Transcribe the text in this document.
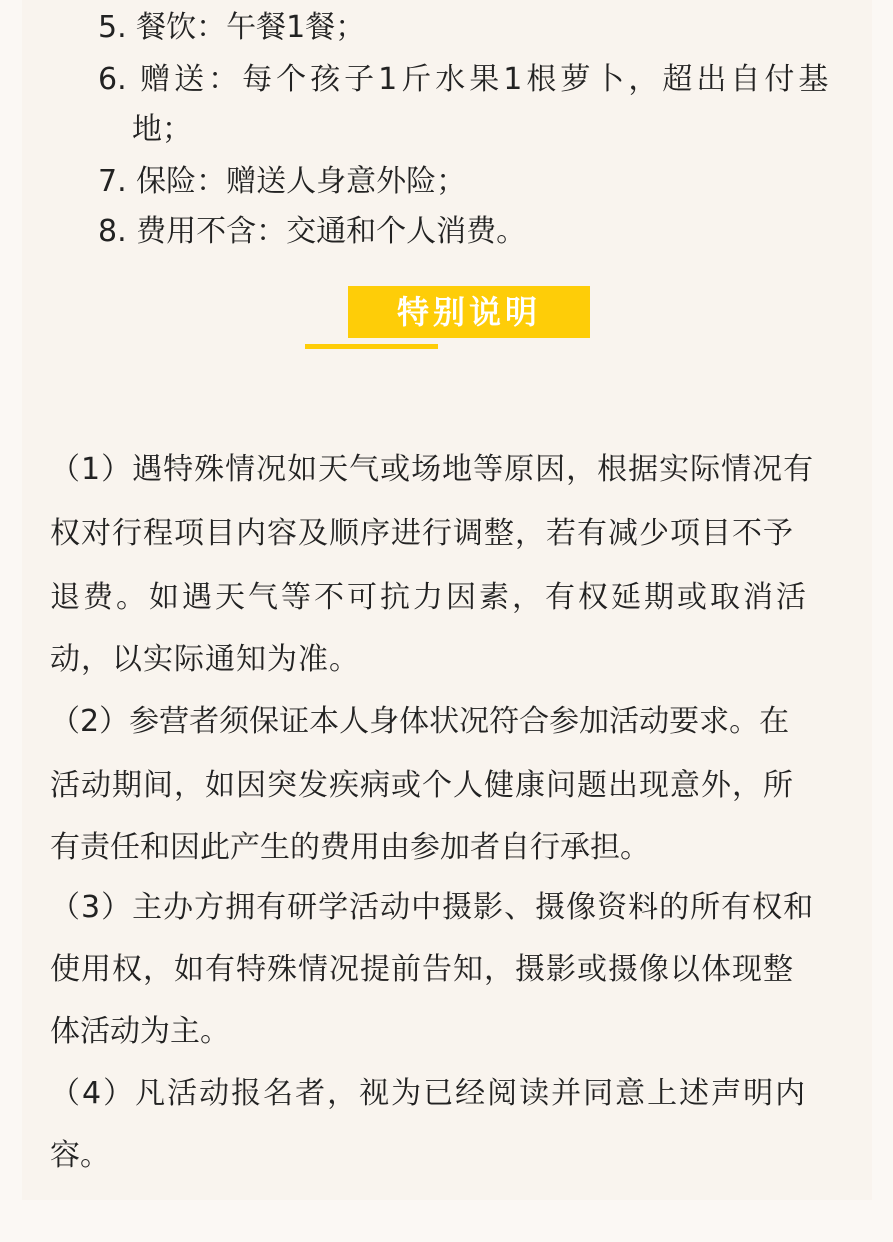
5. 餐饮：午餐1餐；
6. 赠送：每个孩子1斤水果1根萝卜，超出自付基
地；
7. 保险：赠送人身意外险；
8. 费用不含：交通和个人消费。
特别说明
（1）遇特殊情况如天气或场地等原因，根据实际情况有
权对行程项目内容及顺序进行调整，若有减少项目不予
退费。如遇天气等不可抗力因素，有权延期或取消活
动，以实际通知为准。
（2）参营者须保证本人身体状况符合参加活动要求。在
活动期间，如因突发疾病或个人健康问题出现意外，所
有责任和因此产生的费用由参加者自行承担。
（3）主办方拥有研学活动中摄影、摄像资料的所有权和
使用权，如有特殊情况提前告知，摄影或摄像以体现整
体活动为主。
（4）凡活动报名者，视为已经阅读并同意上述声明内
容。
